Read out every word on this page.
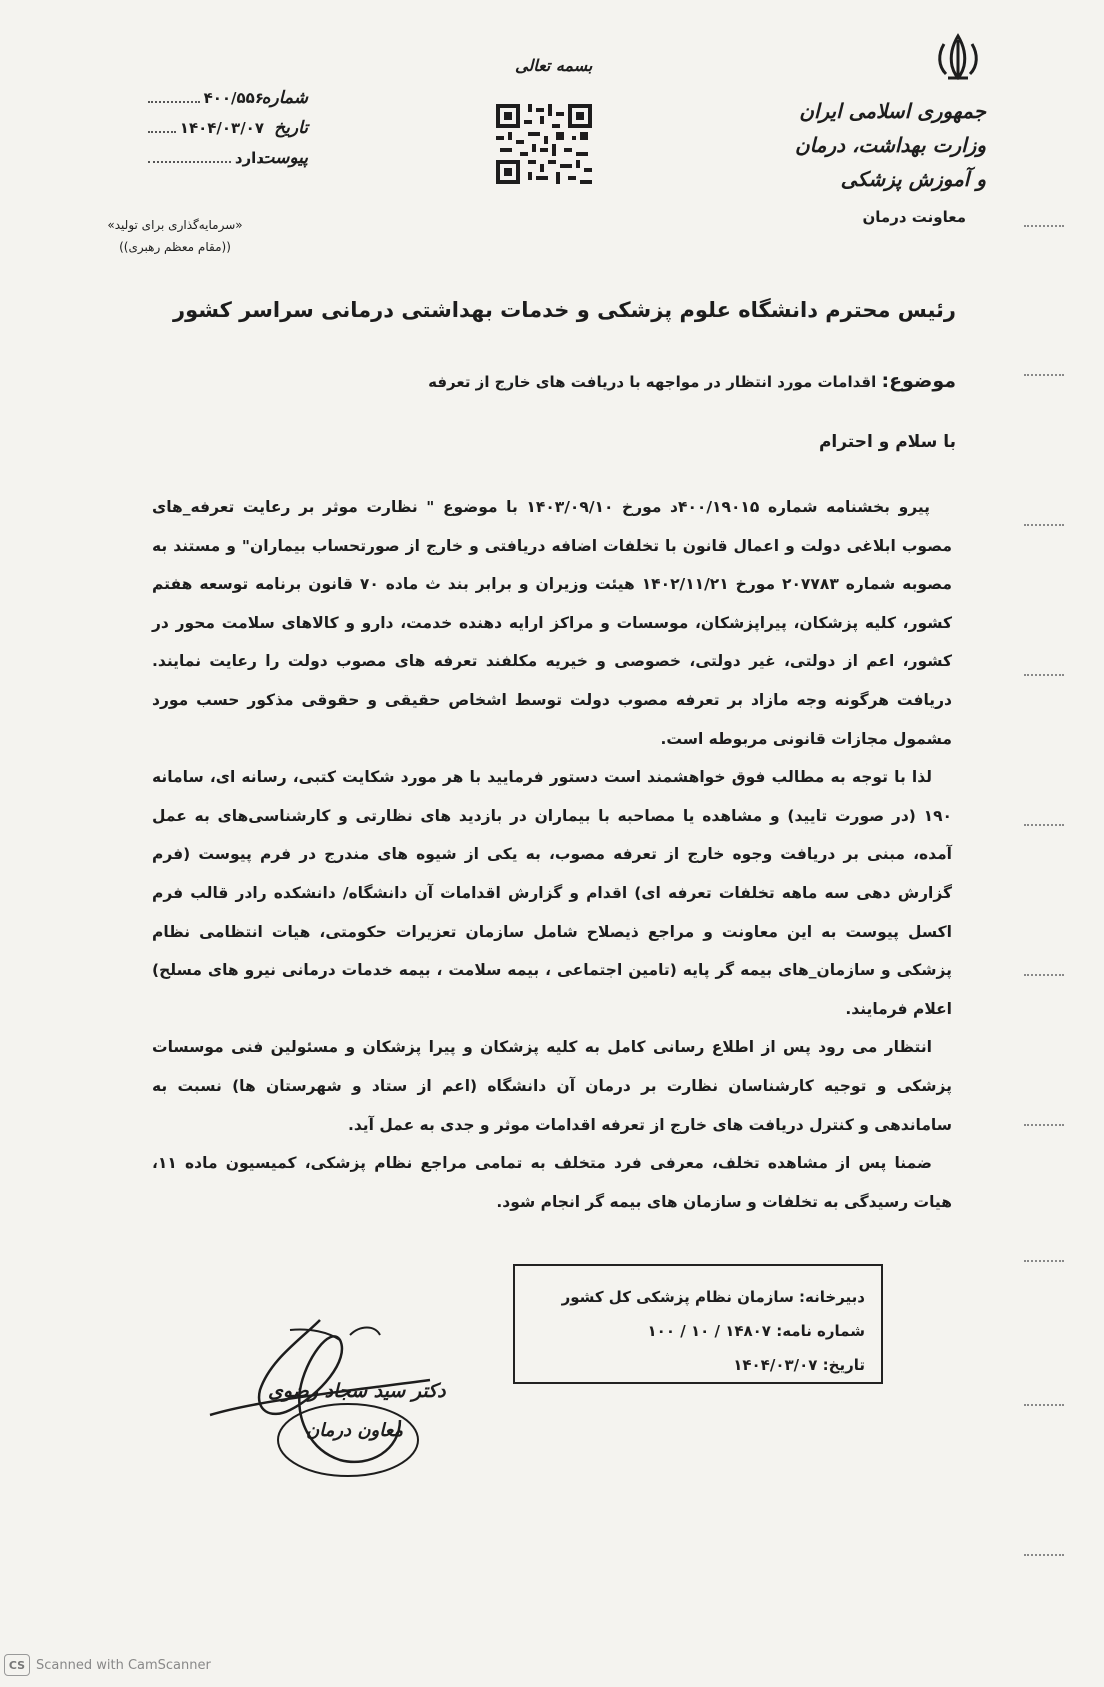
جمهوری اسلامی ایران
وزارت بهداشت، درمان و آموزش پزشکی
معاونت درمان
بسمه تعالی
شماره
۴۰۰/۵۵۶
تاریخ
۱۴۰۴/۰۳/۰۷
پیوست
دارد
«سرمایه‌گذاری برای تولید»
((مقام معظم رهبری))
رئیس محترم دانشگاه علوم پزشکی و خدمات بهداشتی درمانی سراسر کشور
موضوع: اقدامات مورد انتظار در مواجهه با دریافت های خارج از تعرفه
با سلام و احترام

پیرو بخشنامه شماره ۴۰۰/۱۹۰۱۵د مورخ ۱۴۰۳/۰۹/۱۰ با موضوع " نظارت موثر بر رعایت تعرفه_های مصوب ابلاغی دولت و اعمال قانون با تخلفات اضافه دریافتی و خارج از صورتحساب بیماران" و مستند به مصوبه شماره ۲۰۷۷۸۳ مورخ ۱۴۰۲/۱۱/۲۱ هیئت وزیران و برابر بند ث ماده ۷۰ قانون برنامه توسعه هفتم کشور، کلیه پزشکان، پیراپزشکان، موسسات و مراکز ارایه دهنده خدمت، دارو و کالاهای سلامت محور در کشور، اعم از دولتی، غیر دولتی، خصوصی و خیریه مکلفند تعرفه های مصوب دولت را رعایت نمایند. دریافت هرگونه وجه مازاد بر تعرفه مصوب دولت توسط اشخاص حقیقی و حقوقی مذکور حسب مورد مشمول مجازات قانونی مربوطه است.

لذا با توجه به مطالب فوق خواهشمند است دستور فرمایید با هر مورد شکایت کتبی، رسانه ای، سامانه ۱۹۰ (در صورت تایید) و مشاهده یا مصاحبه با بیماران در بازدید های نظارتی و کارشناسی‌های به عمل آمده، مبنی بر دریافت وجوه خارج از تعرفه مصوب، به یکی از شیوه های مندرج در فرم پیوست (فرم گزارش دهی سه ماهه تخلفات تعرفه ای) اقدام و گزارش اقدامات آن دانشگاه/ دانشکده رادر قالب فرم اکسل پیوست به این معاونت و مراجع ذیصلاح شامل سازمان تعزیرات حکومتی، هیات انتظامی نظام پزشکی و سازمان_های بیمه گر پایه (تامین اجتماعی ، بیمه سلامت ، بیمه خدمات درمانی نیرو های مسلح) اعلام فرمایند.

انتظار می رود پس از اطلاع رسانی کامل به کلیه پزشکان و پیرا پزشکان و مسئولین فنی موسسات پزشکی و توجیه کارشناسان نظارت بر درمان آن دانشگاه (اعم از ستاد و شهرستان ها) نسبت به ساماندهی و کنترل دریافت های خارج از تعرفه اقدامات موثر و جدی به عمل آید.

ضمنا پس از مشاهده تخلف، معرفی فرد متخلف به تمامی مراجع نظام پزشکی، کمیسیون ماده ۱۱، هیات رسیدگی به تخلفات و سازمان های بیمه گر انجام شود.

دبیرخانه: سازمان نظام پزشکی کل کشور
شماره نامه: ۱۴۸۰۷ / ۱۰ / ۱۰۰
تاریخ: ۱۴۰۴/۰۳/۰۷
دکتر سید سجاد رضوی
معاون درمان
CS Scanned with CamScanner
